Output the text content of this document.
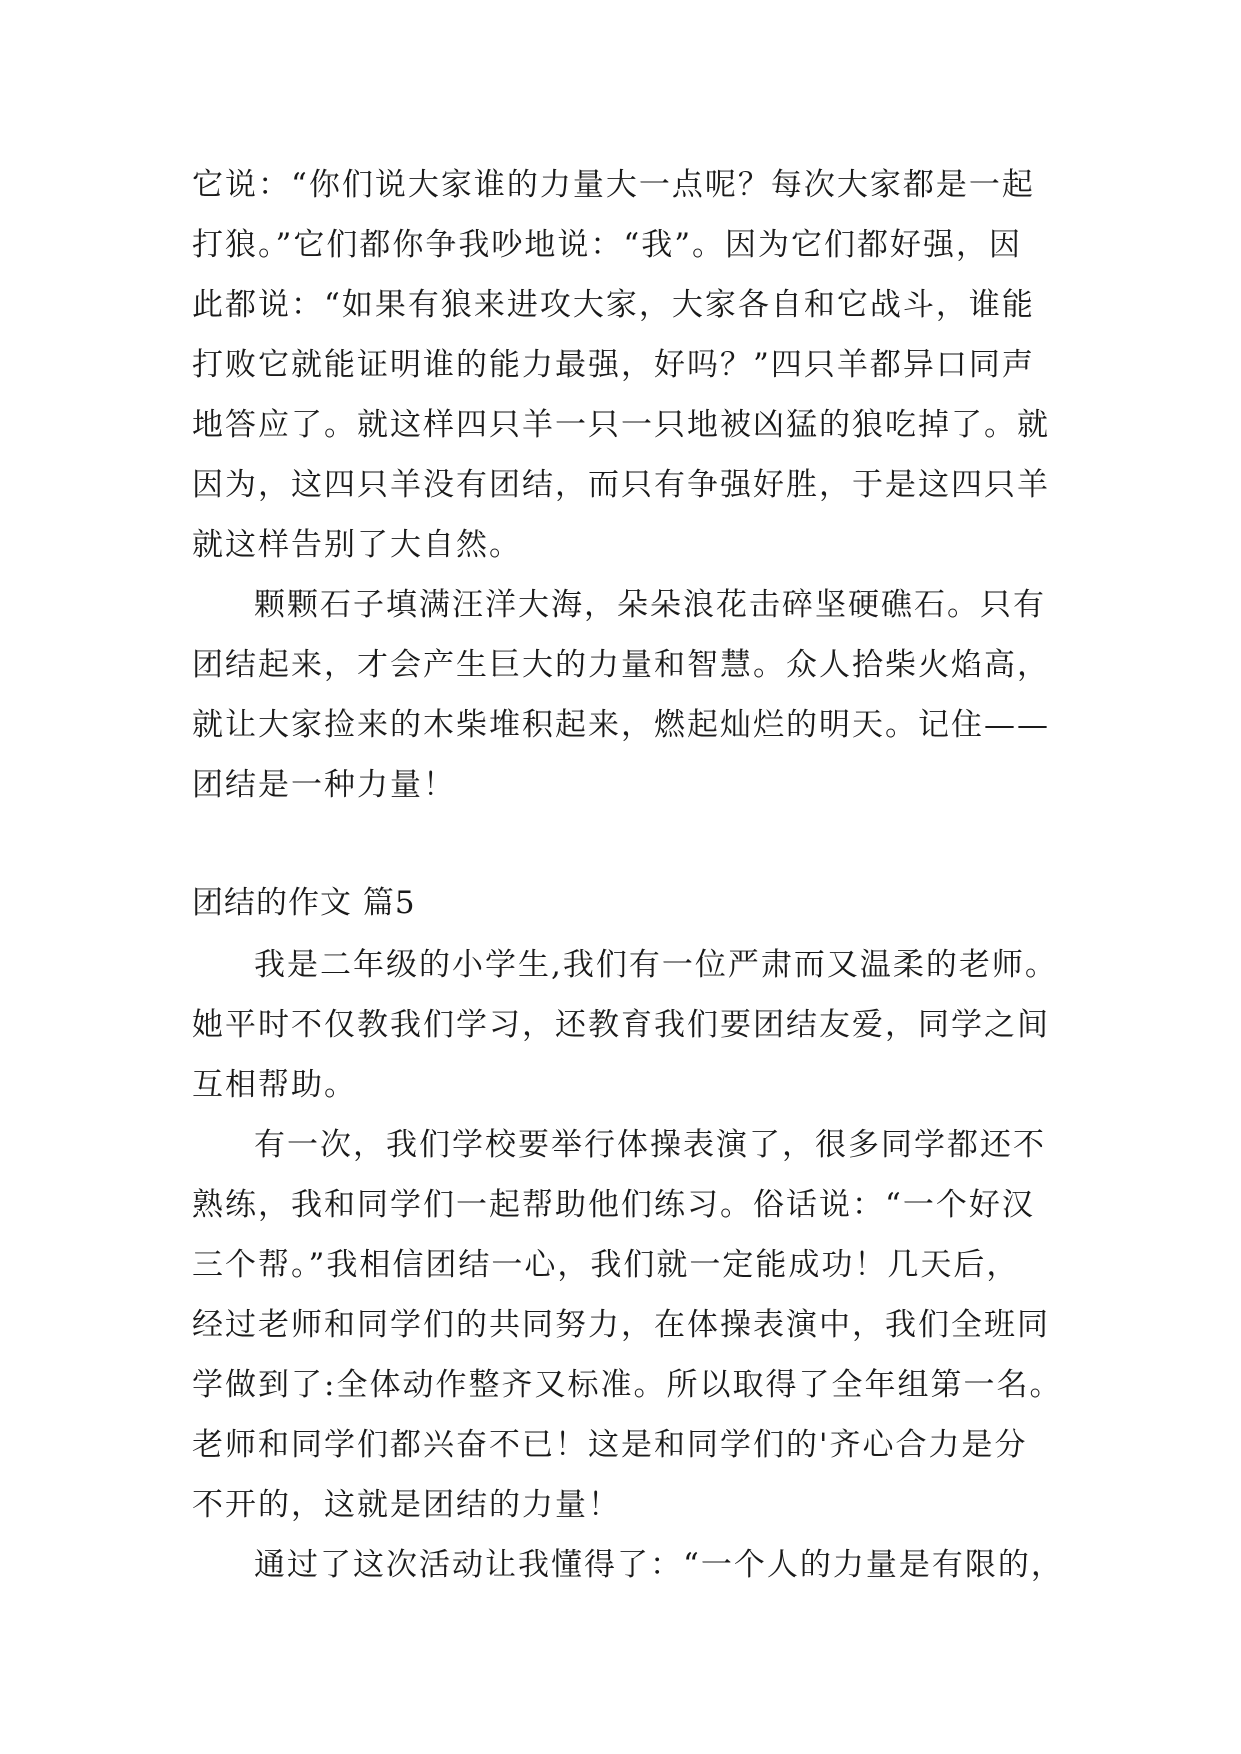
它说：“你们说大家谁的力量大一点呢？每次大家都是一起
打狼。”它们都你争我吵地说：“我”。因为它们都好强，因
此都说：“如果有狼来进攻大家，大家各自和它战斗，谁能
打败它就能证明谁的能力最强，好吗？”四只羊都异口同声
地答应了。就这样四只羊一只一只地被凶猛的狼吃掉了。就
因为，这四只羊没有团结，而只有争强好胜，于是这四只羊
就这样告别了大自然。
颗颗石子填满汪洋大海，朵朵浪花击碎坚硬礁石。只有
团结起来，才会产生巨大的力量和智慧。众人拾柴火焰高，
就让大家捡来的木柴堆积起来，燃起灿烂的明天。记住——
团结是一种力量！
团结的作文 篇5
我是二年级的小学生,我们有一位严肃而又温柔的老师。
她平时不仅教我们学习，还教育我们要团结友爱，同学之间
互相帮助。
有一次，我们学校要举行体操表演了，很多同学都还不
熟练，我和同学们一起帮助他们练习。俗话说：“一个好汉
三个帮。”我相信团结一心，我们就一定能成功！几天后，
经过老师和同学们的共同努力，在体操表演中，我们全班同
学做到了:全体动作整齐又标准。所以取得了全年组第一名。
老师和同学们都兴奋不已！这是和同学们的'齐心合力是分
不开的，这就是团结的力量！
通过了这次活动让我懂得了：“一个人的力量是有限的，
